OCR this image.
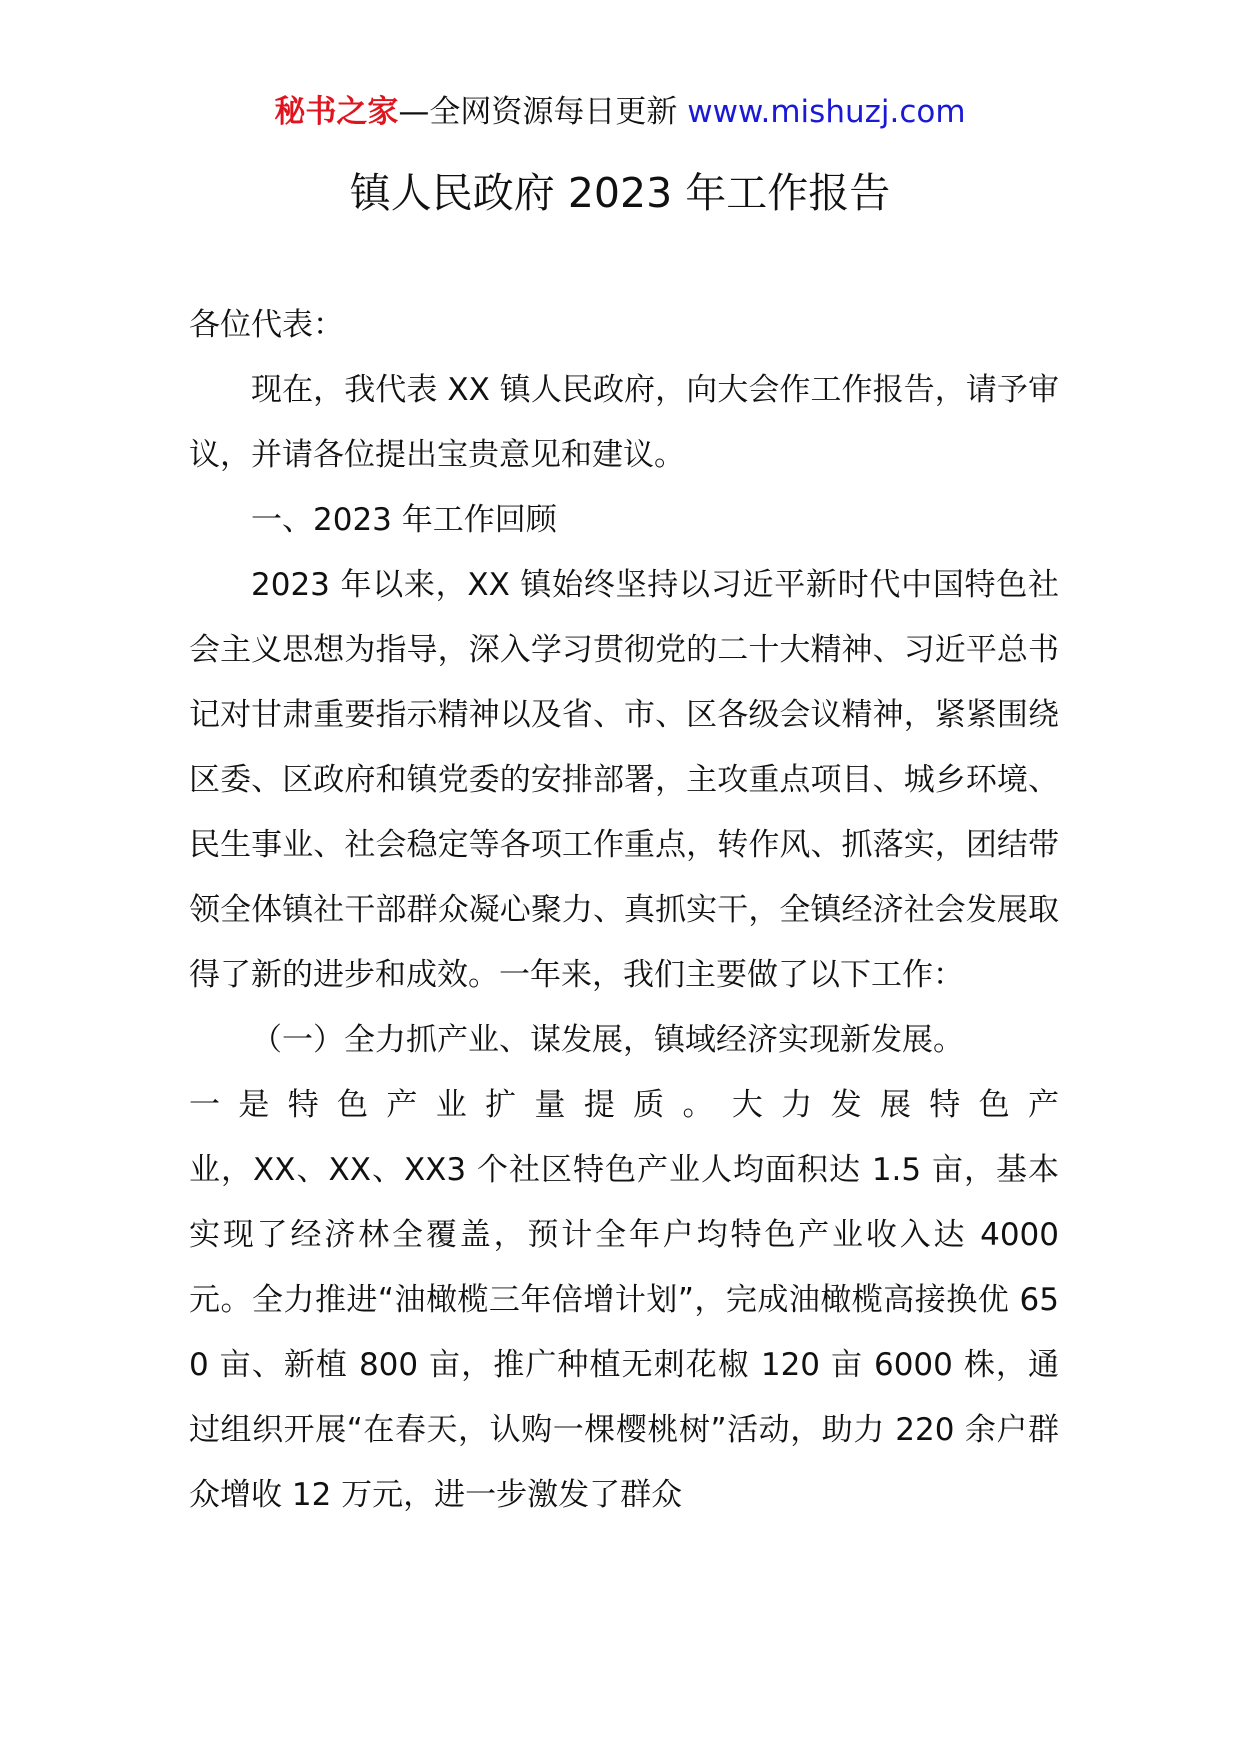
秘书之家—全网资源每日更新 www.mishuzj.com
镇人民政府 2023 年工作报告

各位代表：

现在，我代表 XX 镇人民政府，向大会作工作报告，请予审议，并请各位提出宝贵意见和建议。

一、2023 年工作回顾

2023 年以来，XX 镇始终坚持以习近平新时代中国特色社会主义思想为指导，深入学习贯彻党的二十大精神、习近平总书记对甘肃重要指示精神以及省、市、区各级会议精神，紧紧围绕区委、区政府和镇党委的安排部署，主攻重点项目、城乡环境、民生事业、社会稳定等各项工作重点，转作风、抓落实，团结带领全体镇社干部群众凝心聚力、真抓实干，全镇经济社会发展取得了新的进步和成效。一年来，我们主要做了以下工作：

（一）全力抓产业、谋发展，镇域经济实现新发展。

一是特色产业扩量提质。大力发展特色产

业，XX、XX、XX3 个社区特色产业人均面积达 1.5 亩，基本实现了经济林全覆盖，预计全年户均特色产业收入达 4000 元。全力推进“油橄榄三年倍增计划”，完成油橄榄高接换优 650 亩、新植 800 亩，推广种植无刺花椒 120 亩 6000 株，通过组织开展“在春天，认购一棵樱桃树”活动，助力 220 余户群众增收 12 万元，进一步激发了群众
